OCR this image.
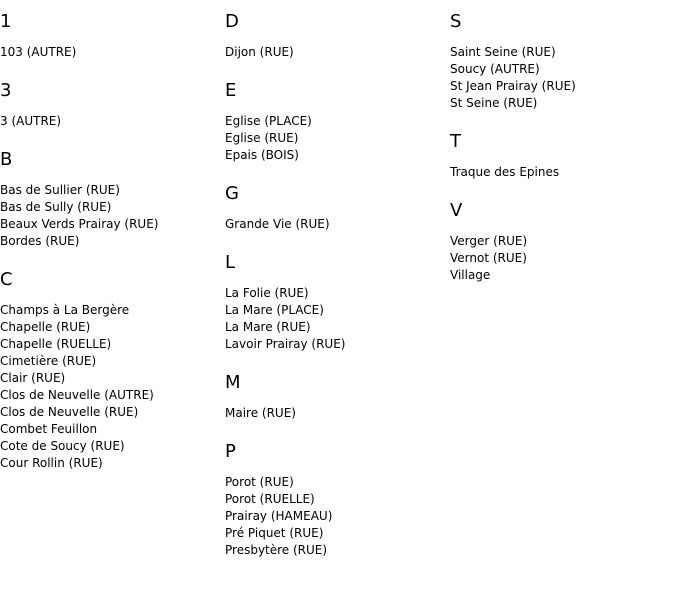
1
103 (AUTRE)
3
3 (AUTRE)
B
Bas de Sullier (RUE)
Bas de Sully (RUE)
Beaux Verds Prairay (RUE)
Bordes (RUE)
C
Champs à La Bergère
Chapelle (RUE)
Chapelle (RUELLE)
Cimetière (RUE)
Clair (RUE)
Clos de Neuvelle (AUTRE)
Clos de Neuvelle (RUE)
Combet Feuillon
Cote de Soucy (RUE)
Cour Rollin (RUE)
D
Dijon (RUE)
E
Eglise (PLACE)
Eglise (RUE)
Epais (BOIS)
G
Grande Vie (RUE)
L
La Folie (RUE)
La Mare (PLACE)
La Mare (RUE)
Lavoir Prairay (RUE)
M
Maire (RUE)
P
Porot (RUE)
Porot (RUELLE)
Prairay (HAMEAU)
Pré Piquet (RUE)
Presbytère (RUE)
S
Saint Seine (RUE)
Soucy (AUTRE)
St Jean Prairay (RUE)
St Seine (RUE)
T
Traque des Epines
V
Verger (RUE)
Vernot (RUE)
Village
